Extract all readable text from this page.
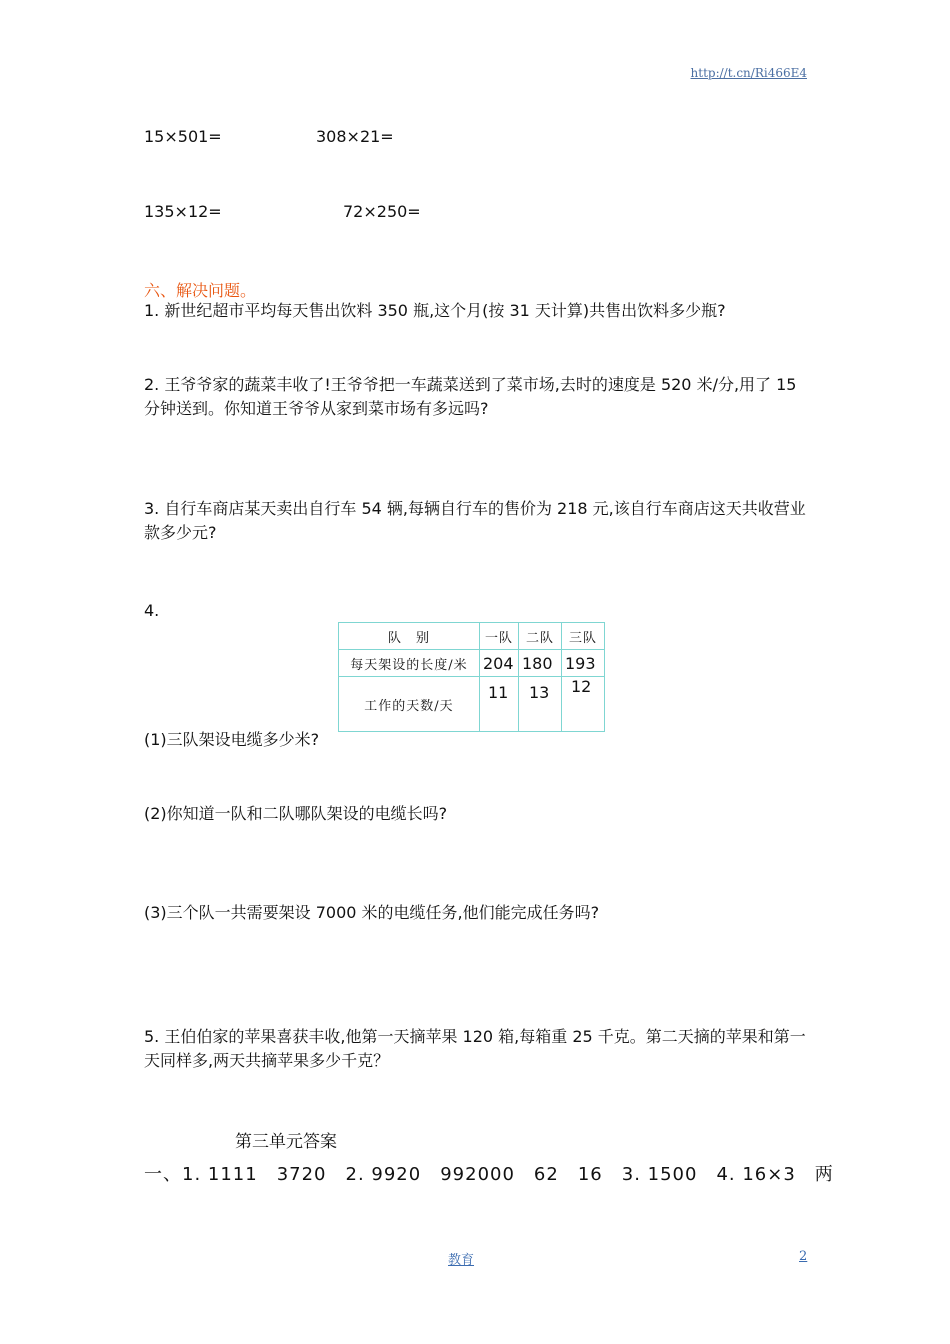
http://t.cn/Ri466E4
15×501=	308×21=
135×12=	72×250=
六、解决问题。
1. 新世纪超市平均每天售出饮料 350 瓶,这个月(按 31 天计算)共售出饮料多少瓶?
2. 王爷爷家的蔬菜丰收了!王爷爷把一车蔬菜送到了菜市场,去时的速度是 520 米/分,用了 15 分钟送到。你知道王爷爷从家到菜市场有多远吗?
3. 自行车商店某天卖出自行车 54 辆,每辆自行车的售价为 218 元,该自行车商店这天共收营业款多少元?
4.
队　别	一队	二队	三队
每天架设的长度/米	204	180	193
工作的天数/天	11	13	12
(1)三队架设电缆多少米?
(2)你知道一队和二队哪队架设的电缆长吗?
(3)三个队一共需要架设 7000 米的电缆任务,他们能完成任务吗?
5. 王伯伯家的苹果喜获丰收,他第一天摘苹果 120 箱,每箱重 25 千克。第二天摘的苹果和第一天同样多,两天共摘苹果多少千克？
第三单元答案
一、1. 1111　3720　2. 9920　992000　62　16　3. 1500　4. 16×3　两
教育	2
